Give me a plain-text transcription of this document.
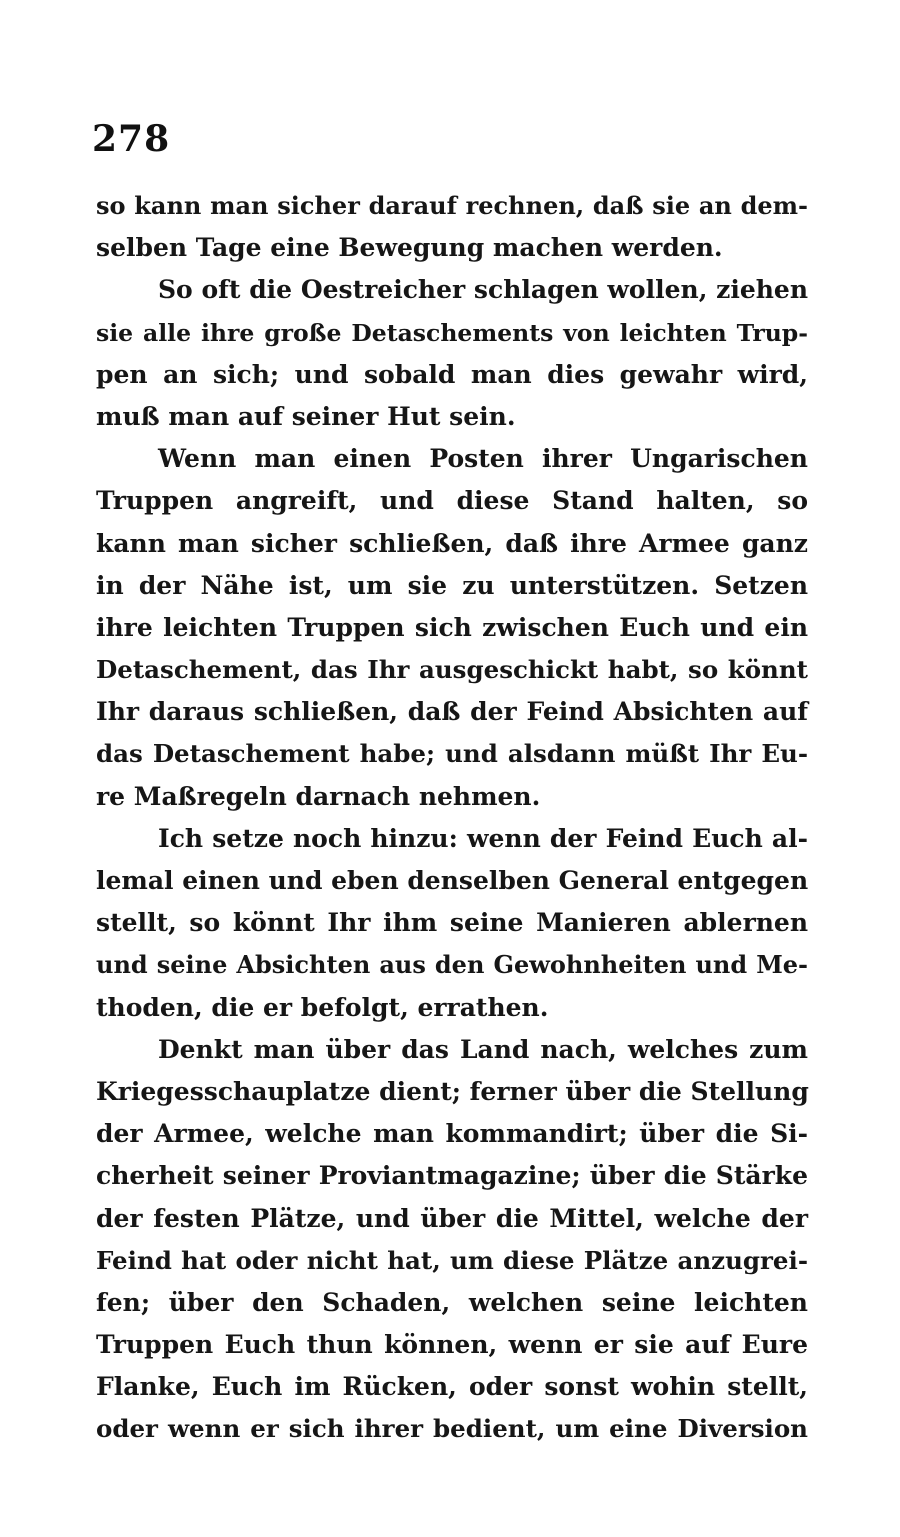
278
so kann man sicher darauf rechnen, daß sie an dem-
selben Tage eine Bewegung machen werden.
So oft die Oestreicher schlagen wollen, ziehen
sie alle ihre große Detaschements von leichten Trup-
pen an sich; und sobald man dies gewahr wird,
muß man auf seiner Hut sein.
Wenn man einen Posten ihrer Ungarischen
Truppen angreift, und diese Stand halten, so
kann man sicher schließen, daß ihre Armee ganz
in der Nähe ist, um sie zu unterstützen. Setzen
ihre leichten Truppen sich zwischen Euch und ein
Detaschement, das Ihr ausgeschickt habt, so könnt
Ihr daraus schließen, daß der Feind Absichten auf
das Detaschement habe; und alsdann müßt Ihr Eu-
re Maßregeln darnach nehmen.
Ich setze noch hinzu: wenn der Feind Euch al-
lemal einen und eben denselben General entgegen
stellt, so könnt Ihr ihm seine Manieren ablernen
und seine Absichten aus den Gewohnheiten und Me-
thoden, die er befolgt, errathen.
Denkt man über das Land nach, welches zum
Kriegesschauplatze dient; ferner über die Stellung
der Armee, welche man kommandirt; über die Si-
cherheit seiner Proviantmagazine; über die Stärke
der festen Plätze, und über die Mittel, welche der
Feind hat oder nicht hat, um diese Plätze anzugrei-
fen; über den Schaden, welchen seine leichten
Truppen Euch thun können, wenn er sie auf Eure
Flanke, Euch im Rücken, oder sonst wohin stellt,
oder wenn er sich ihrer bedient, um eine Diversion
